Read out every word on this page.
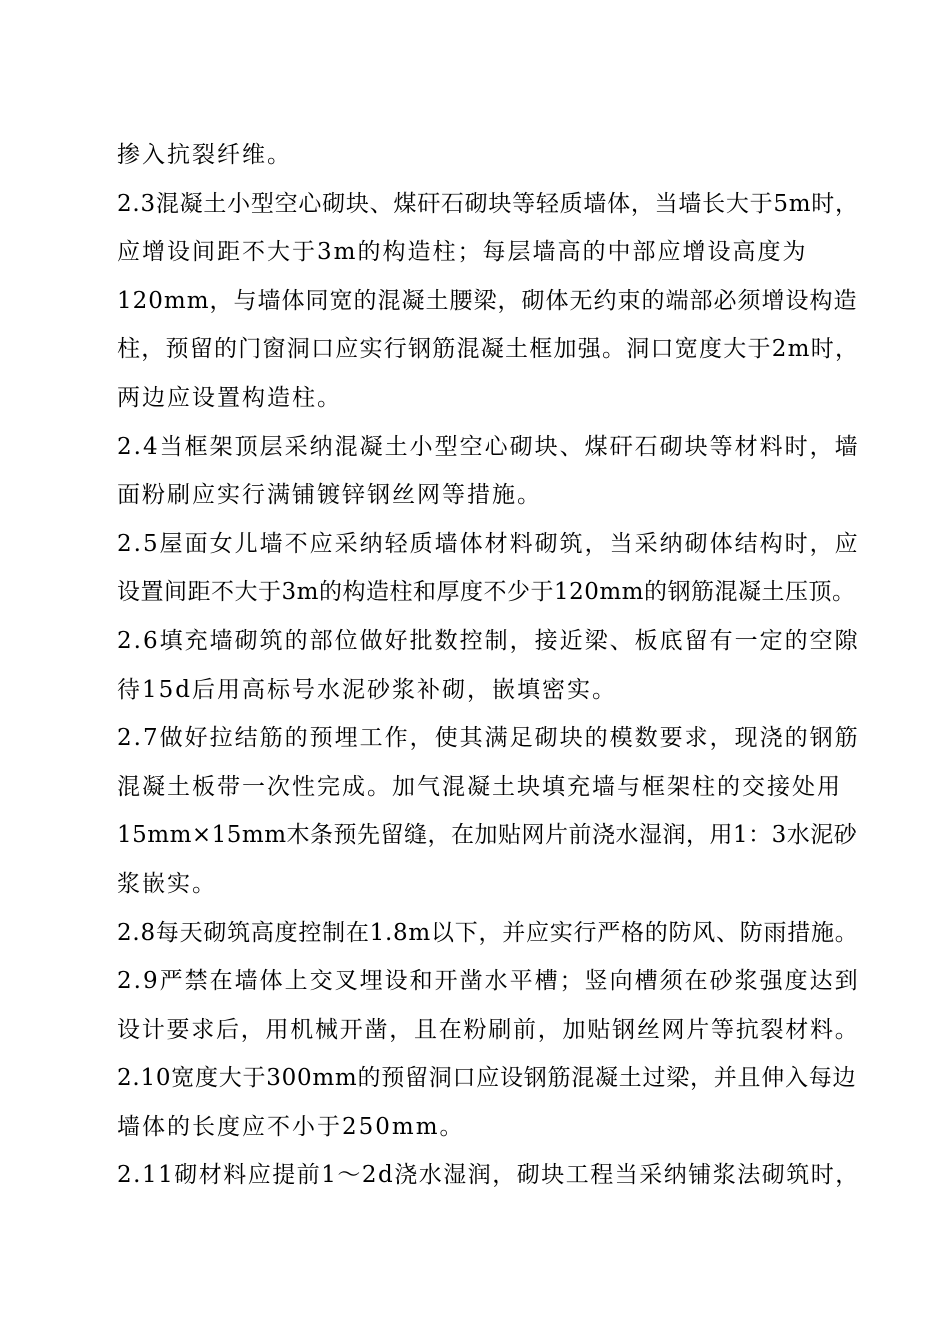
掺入抗裂纤维。
2.3混凝土小型空心砌块、煤矸石砌块等轻质墙体，当墙长大于5m时，
应增设间距不大于3m的构造柱；每层墙高的中部应增设高度为
120mm，与墙体同宽的混凝土腰梁，砌体无约束的端部必须增设构造
柱，预留的门窗洞口应实行钢筋混凝土框加强。洞口宽度大于2m时，
两边应设置构造柱。
2.4当框架顶层采纳混凝土小型空心砌块、煤矸石砌块等材料时，墙
面粉刷应实行满铺镀锌钢丝网等措施。
2.5屋面女儿墙不应采纳轻质墙体材料砌筑，当采纳砌体结构时，应
设置间距不大于3m的构造柱和厚度不少于120mm的钢筋混凝土压顶。
2.6填充墙砌筑的部位做好批数控制，接近梁、板底留有一定的空隙
待15d后用高标号水泥砂浆补砌，嵌填密实。
2.7做好拉结筋的预埋工作，使其满足砌块的模数要求，现浇的钢筋
混凝土板带一次性完成。加气混凝土块填充墙与框架柱的交接处用
15mm×15mm木条预先留缝，在加贴网片前浇水湿润，用1：3水泥砂
浆嵌实。
2.8每天砌筑高度控制在1.8m以下，并应实行严格的防风、防雨措施。
2.9严禁在墙体上交叉埋设和开凿水平槽；竖向槽须在砂浆强度达到
设计要求后，用机械开凿，且在粉刷前，加贴钢丝网片等抗裂材料。
2.10宽度大于300mm的预留洞口应设钢筋混凝土过梁，并且伸入每边
墙体的长度应不小于250mm。
2.11砌材料应提前1～2d浇水湿润，砌块工程当采纳铺浆法砌筑时，
